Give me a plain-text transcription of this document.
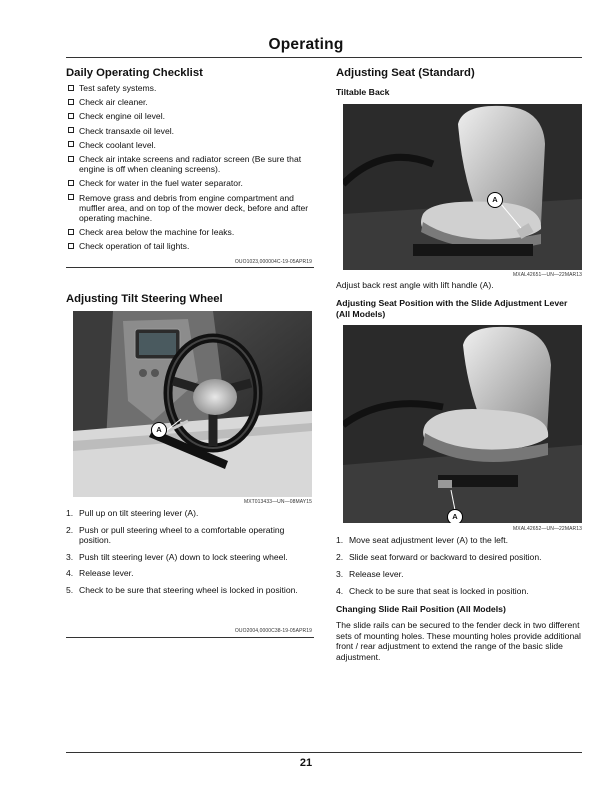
Operating
Daily Operating Checklist
Test safety systems.
Check air cleaner.
Check engine oil level.
Check transaxle oil level.
Check coolant level.
Check air intake screens and radiator screen (Be sure that engine is off when cleaning screens).
Check for water in the fuel water separator.
Remove grass and debris from engine compartment and muffler area, and on top of the mower deck, before and after operating machine.
Check area below the machine for leaks.
Check operation of tail lights.
OUO1023,000004C-19-05APR19
Adjusting Tilt Steering Wheel
A
MXT013433—UN—08MAY15
1. Pull up on tilt steering lever (A).
2. Push or pull steering wheel to a comfortable operating position.
3. Push tilt steering lever (A) down to lock steering wheel.
4. Release lever.
5. Check to be sure that steering wheel is locked in position.
OUO2004,0000C38-19-05APR19
Adjusting Seat (Standard)
Tiltable Back
A
MXAL42651—UN—22MAR13
Adjust back rest angle with lift handle (A).
Adjusting Seat Position with the Slide Adjustment Lever (All Models)
A
MXAL42652—UN—22MAR13
1. Move seat adjustment lever (A) to the left.
2. Slide seat forward or backward to desired position.
3. Release lever.
4. Check to be sure that seat is locked in position.
Changing Slide Rail Position (All Models)
The slide rails can be secured to the fender deck in two different sets of mounting holes. These mounting holes provide additional front / rear adjustment to extend the range of the basic slide adjustment.
21
